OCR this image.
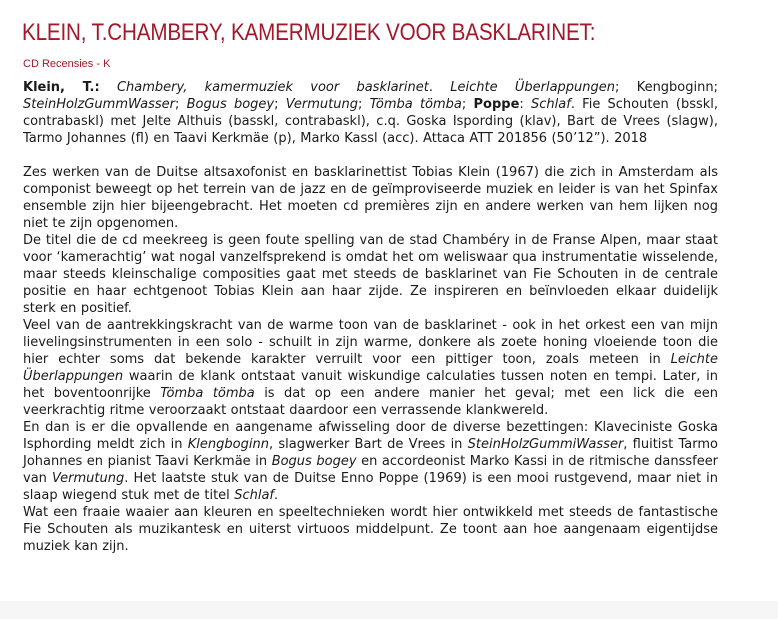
KLEIN, T.CHAMBERY, KAMERMUZIEK VOOR BASKLARINET:
CD Recensies - K

Klein, T.: Chambery, kamermuziek voor basklarinet. Leichte Überlappungen; Kengboginn; SteinHolzGummWasser; Bogus bogey; Vermutung; Tömba tömba; Poppe: Schlaf. Fie Schouten (bsskl, contrabaskl) met Jelte Althuis (basskl, contrabaskl), c.q. Goska Ispording (klav), Bart de Vrees (slagw), Tarmo Johannes (fl) en Taavi Kerkmäe (p), Marko Kassl (acc). Attaca ATT 201856 (50’12”). 2018

Zes werken van de Duitse altsaxofonist en basklarinettist Tobias Klein (1967) die zich in Amsterdam als componist beweegt op het terrein van de jazz en de geïmproviseerde muziek en leider is van het Spinfax ensemble zijn hier bijeengebracht. Het moeten cd premières zijn en andere werken van hem lijken nog niet te zijn opgenomen.

De titel die de cd meekreeg is geen foute spelling van de stad Chambéry in de Franse Alpen, maar staat voor ‘kamerachtig’ wat nogal vanzelfsprekend is omdat het om weliswaar qua instrumentatie wisselende, maar steeds kleinschalige composities gaat met steeds de basklarinet van Fie Schouten in de centrale positie en haar echtgenoot Tobias Klein aan haar zijde. Ze inspireren en beïnvloeden elkaar duidelijk sterk en positief.

Veel van de aantrekkingskracht van de warme toon van de basklarinet - ook in het orkest een van mijn lievelingsinstrumenten in een solo - schuilt in zijn warme, donkere als zoete honing vloeiende toon die hier echter soms dat bekende karakter verruilt voor een pittiger toon, zoals meteen in Leichte Überlappungen waarin de klank ontstaat vanuit wiskundige calculaties tussen noten en tempi. Later, in het boventoonrijke Tömba tömba is dat op een andere manier het geval; met een lick die een veerkrachtig ritme veroorzaakt ontstaat daardoor een verrassende klankwereld.

En dan is er die opvallende en aangename afwisseling door de diverse bezettingen: Klaveciniste Goska Isphording meldt zich in Klengboginn, slagwerker Bart de Vrees in SteinHolzGummiWasser, fluitist Tarmo Johannes en pianist Taavi Kerkmäe in Bogus bogey en accordeonist Marko Kassi in de ritmische danssfeer van Vermutung. Het laatste stuk van de Duitse Enno Poppe (1969) is een mooi rustgevend, maar niet in slaap wiegend stuk met de titel Schlaf.

Wat een fraaie waaier aan kleuren en speeltechnieken wordt hier ontwikkeld met steeds de fantastische Fie Schouten als muzikantesk en uiterst virtuoos middelpunt. Ze toont aan hoe aangenaam eigentijdse muziek kan zijn.
